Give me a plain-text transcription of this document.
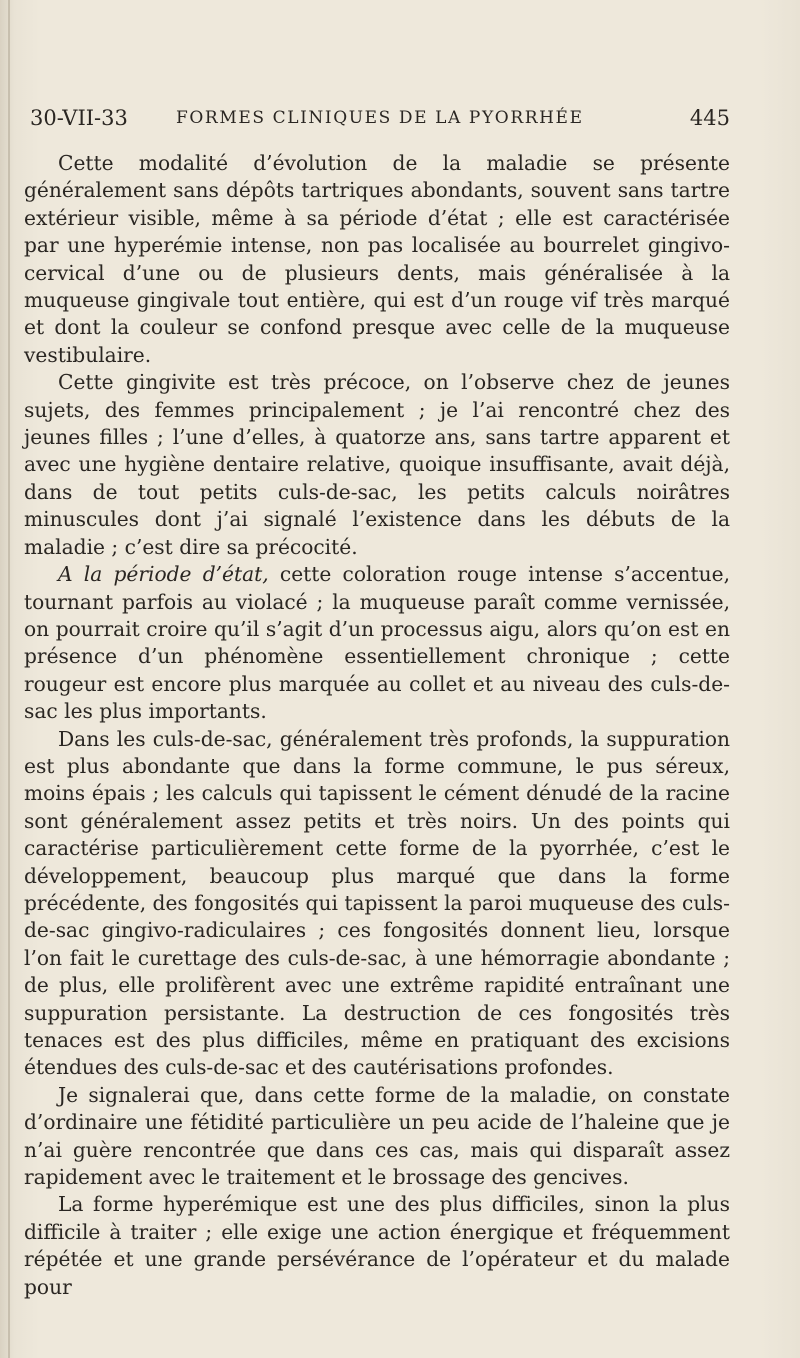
30-VII-33	FORMES CLINIQUES DE LA PYORRHÉE	445

Cette modalité d’évolution de la maladie se présente généralement sans dépôts tartriques abondants, souvent sans tartre extérieur visible, même à sa période d’état ; elle est caractérisée par une hyperémie intense, non pas localisée au bourrelet gingivo-cervical d’une ou de plusieurs dents, mais généralisée à la muqueuse gingivale tout entière, qui est d’un rouge vif très marqué et dont la couleur se confond presque avec celle de la muqueuse vestibulaire.

Cette gingivite est très précoce, on l’observe chez de jeunes sujets, des femmes principalement ; je l’ai rencontré chez des jeunes filles ; l’une d’elles, à quatorze ans, sans tartre apparent et avec une hygiène dentaire relative, quoique insuffisante, avait déjà, dans de tout petits culs-de-sac, les petits calculs noirâtres minuscules dont j’ai signalé l’existence dans les débuts de la maladie ; c’est dire sa précocité.

A la période d’état, cette coloration rouge intense s’accentue, tournant parfois au violacé ; la muqueuse paraît comme vernissée, on pourrait croire qu’il s’agit d’un processus aigu, alors qu’on est en présence d’un phénomène essentiellement chronique ; cette rougeur est encore plus marquée au collet et au niveau des culs-de-sac les plus importants.

Dans les culs-de-sac, généralement très profonds, la suppuration est plus abondante que dans la forme commune, le pus séreux, moins épais ; les calculs qui tapissent le cément dénudé de la racine sont généralement assez petits et très noirs. Un des points qui caractérise particulièrement cette forme de la pyorrhée, c’est le développement, beaucoup plus marqué que dans la forme précédente, des fongosités qui tapissent la paroi muqueuse des culs-de-sac gingivo-radiculaires ; ces fongosités donnent lieu, lorsque l’on fait le curettage des culs-de-sac, à une hémorragie abondante ; de plus, elle prolifèrent avec une extrême rapidité entraînant une suppuration persistante. La destruction de ces fongosités très tenaces est des plus difficiles, même en pratiquant des excisions étendues des culs-de-sac et des cautérisations profondes.

Je signalerai que, dans cette forme de la maladie, on constate d’ordinaire une fétidité particulière un peu acide de l’haleine que je n’ai guère rencontrée que dans ces cas, mais qui disparaît assez rapidement avec le traitement et le brossage des gencives.

La forme hyperémique est une des plus difficiles, sinon la plus difficile à traiter ; elle exige une action énergique et fréquemment répétée et une grande persévérance de l’opérateur et du malade pour
